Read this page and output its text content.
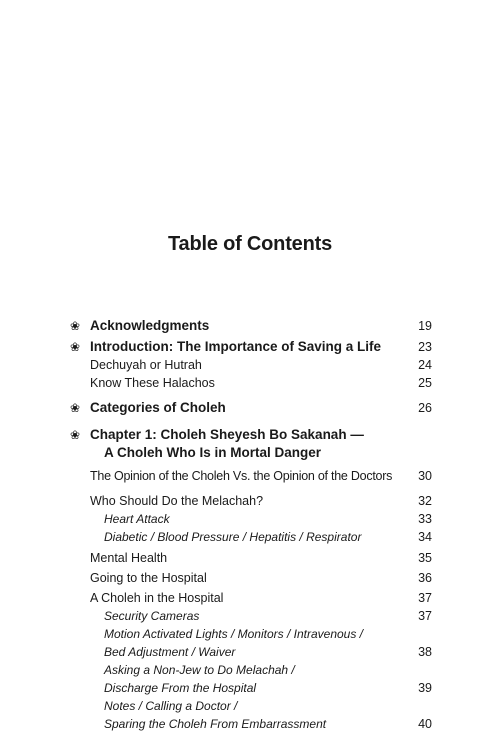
Table of Contents
❀ Acknowledgments	19
❀ Introduction: The Importance of Saving a Life	23
Dechuyah or Hutrah	24
Know These Halachos	25
❀ Categories of Choleh	26
❀ Chapter 1: Choleh Sheyesh Bo Sakanah —
A Choleh Who Is in Mortal Danger
The Opinion of the Choleh Vs. the Opinion of the Doctors	30
Who Should Do the Melachah?	32
Heart Attack	33
Diabetic / Blood Pressure / Hepatitis / Respirator	34
Mental Health	35
Going to the Hospital	36
A Choleh in the Hospital	37
Security Cameras	37
Motion Activated Lights / Monitors / Intravenous /
Bed Adjustment / Waiver	38
Asking a Non-Jew to Do Melachah /
Discharge From the Hospital	39
Notes / Calling a Doctor /
Sparing the Choleh From Embarrassment	40
